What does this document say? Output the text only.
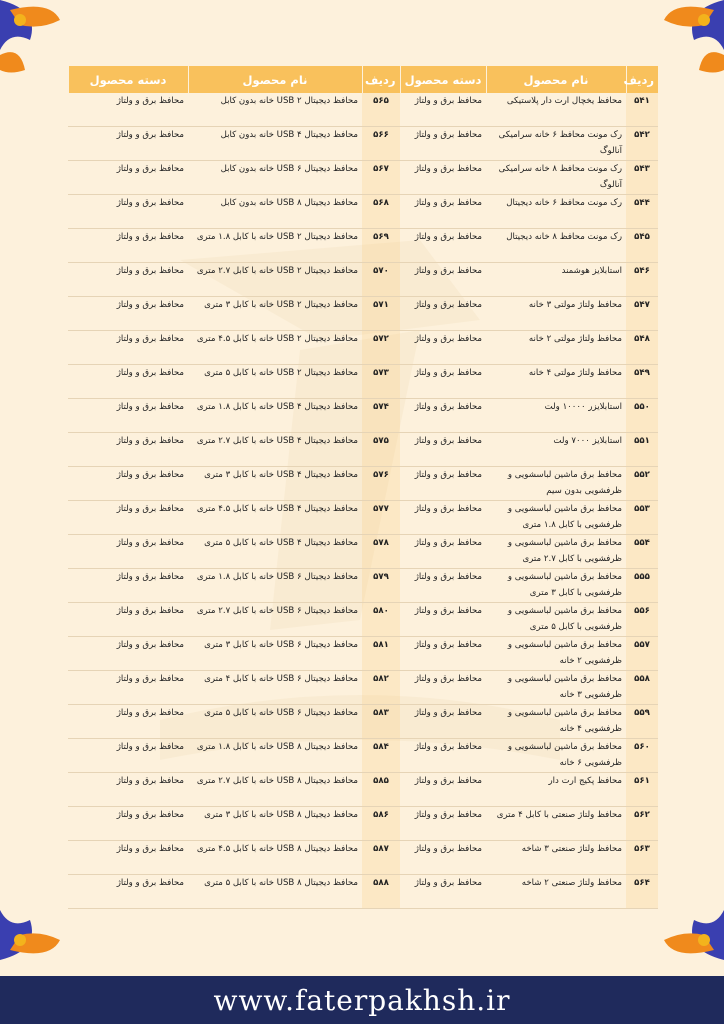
ردیف	نام محصول	دسته محصول	ردیف	نام محصول	دسته محصول
۵۴۱	محافظ یخچال ارت دار پلاستیکی	محافظ برق و ولتاژ	۵۶۵	محافظ دیجیتال USB ۲ خانه بدون کابل	محافظ برق و ولتاژ
۵۴۲	رک مونت محافظ ۶ خانه سرامیکی آنالوگ	محافظ برق و ولتاژ	۵۶۶	محافظ دیجیتال USB ۴ خانه بدون کابل	محافظ برق و ولتاژ
۵۴۳	رک مونت محافظ ۸ خانه سرامیکی آنالوگ	محافظ برق و ولتاژ	۵۶۷	محافظ دیجیتال USB ۶ خانه بدون کابل	محافظ برق و ولتاژ
۵۴۴	رک مونت محافظ ۶ خانه دیجیتال	محافظ برق و ولتاژ	۵۶۸	محافظ دیجیتال USB ۸ خانه بدون کابل	محافظ برق و ولتاژ
۵۴۵	رک مونت محافظ ۸ خانه دیجیتال	محافظ برق و ولتاژ	۵۶۹	محافظ دیجیتال USB ۲ خانه با کابل ۱.۸ متری	محافظ برق و ولتاژ
۵۴۶	استابلایز هوشمند	محافظ برق و ولتاژ	۵۷۰	محافظ دیجیتال USB ۲ خانه با کابل ۲.۷ متری	محافظ برق و ولتاژ
۵۴۷	محافظ ولتاژ مولتی ۳ خانه	محافظ برق و ولتاژ	۵۷۱	محافظ دیجیتال USB ۲ خانه با کابل ۳ متری	محافظ برق و ولتاژ
۵۴۸	محافظ ولتاژ مولتی ۲ خانه	محافظ برق و ولتاژ	۵۷۲	محافظ دیجیتال USB ۲ خانه با کابل ۴.۵ متری	محافظ برق و ولتاژ
۵۴۹	محافظ ولتاژ مولتی ۴ خانه	محافظ برق و ولتاژ	۵۷۳	محافظ دیجیتال USB ۲ خانه با کابل ۵ متری	محافظ برق و ولتاژ
۵۵۰	استابلایزر ۱۰۰۰۰ ولت	محافظ برق و ولتاژ	۵۷۴	محافظ دیجیتال USB ۴ خانه با کابل ۱.۸ متری	محافظ برق و ولتاژ
۵۵۱	استابلایز ۷۰۰۰ ولت	محافظ برق و ولتاژ	۵۷۵	محافظ دیجیتال USB ۴ خانه با کابل ۲.۷ متری	محافظ برق و ولتاژ
۵۵۲	محافظ برق ماشین لباسشویی و ظرفشویی بدون سیم	محافظ برق و ولتاژ	۵۷۶	محافظ دیجیتال USB ۴ خانه با کابل ۳ متری	محافظ برق و ولتاژ
۵۵۳	محافظ برق ماشین لباسشویی و ظرفشویی با کابل ۱.۸ متری	محافظ برق و ولتاژ	۵۷۷	محافظ دیجیتال USB ۴ خانه با کابل ۴.۵ متری	محافظ برق و ولتاژ
۵۵۴	محافظ برق ماشین لباسشویی و ظرفشویی با کابل ۲.۷ متری	محافظ برق و ولتاژ	۵۷۸	محافظ دیجیتال USB ۴ خانه با کابل ۵ متری	محافظ برق و ولتاژ
۵۵۵	محافظ برق ماشین لباسشویی و ظرفشویی با کابل ۳ متری	محافظ برق و ولتاژ	۵۷۹	محافظ دیجیتال USB ۶ خانه با کابل ۱.۸ متری	محافظ برق و ولتاژ
۵۵۶	محافظ برق ماشین لباسشویی و ظرفشویی با کابل ۵ متری	محافظ برق و ولتاژ	۵۸۰	محافظ دیجیتال USB ۶ خانه با کابل ۲.۷ متری	محافظ برق و ولتاژ
۵۵۷	محافظ برق ماشین لباسشویی و ظرفشویی ۲ خانه	محافظ برق و ولتاژ	۵۸۱	محافظ دیجیتال USB ۶ خانه با کابل ۳ متری	محافظ برق و ولتاژ
۵۵۸	محافظ برق ماشین لباسشویی و ظرفشویی ۳ خانه	محافظ برق و ولتاژ	۵۸۲	محافظ دیجیتال USB ۶ خانه با کابل ۴ متری	محافظ برق و ولتاژ
۵۵۹	محافظ برق ماشین لباسشویی و ظرفشویی ۴ خانه	محافظ برق و ولتاژ	۵۸۳	محافظ دیجیتال USB ۶ خانه با کابل ۵ متری	محافظ برق و ولتاژ
۵۶۰	محافظ برق ماشین لباسشویی و ظرفشویی ۶ خانه	محافظ برق و ولتاژ	۵۸۴	محافظ دیجیتال USB ۸ خانه با کابل ۱.۸ متری	محافظ برق و ولتاژ
۵۶۱	محافظ پکیج ارت دار	محافظ برق و ولتاژ	۵۸۵	محافظ دیجیتال USB ۸ خانه با کابل ۲.۷ متری	محافظ برق و ولتاژ
۵۶۲	محافظ ولتاژ صنعتی با کابل ۴ متری	محافظ برق و ولتاژ	۵۸۶	محافظ دیجیتال USB ۸ خانه با کابل ۳ متری	محافظ برق و ولتاژ
۵۶۳	محافظ ولتاژ صنعتی ۳ شاخه	محافظ برق و ولتاژ	۵۸۷	محافظ دیجیتال USB ۸ خانه با کابل ۴.۵ متری	محافظ برق و ولتاژ
۵۶۴	محافظ ولتاژ صنعتی ۲ شاخه	محافظ برق و ولتاژ	۵۸۸	محافظ دیجیتال USB ۸ خانه با کابل ۵ متری	محافظ برق و ولتاژ
www.faterpakhsh.ir
